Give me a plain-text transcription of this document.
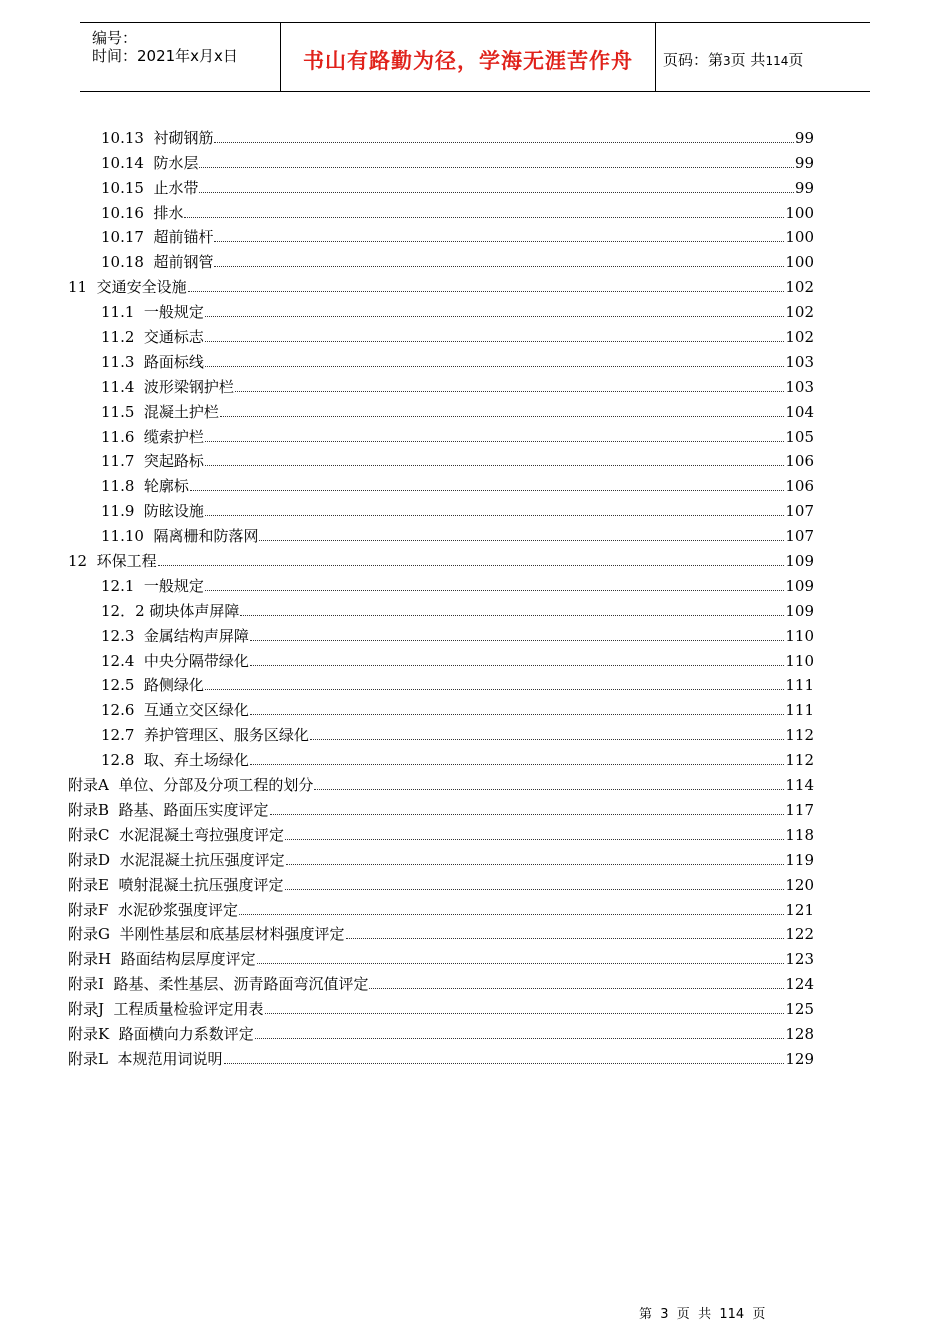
编号：
时间：2021年x月x日	书山有路勤为径，学海无涯苦作舟	页码：第3页 共114页
10.13  衬砌钢筋	99
10.14  防水层	99
10.15  止水带	99
10.16  排水	100
10.17  超前锚杆	100
10.18  超前钢管	100
11  交通安全设施	102
11.1  一般规定	102
11.2  交通标志	102
11.3  路面标线	103
11.4  波形梁钢护栏	103
11.5  混凝土护栏	104
11.6  缆索护栏	105
11.7  突起路标	106
11.8  轮廓标	106
11.9  防眩设施	107
11.10  隔离栅和防落网	107
12  环保工程	109
12.1  一般规定	109
12．2 砌块体声屏障	109
12.3  金属结构声屏障	110
12.4  中央分隔带绿化	110
12.5  路侧绿化	111
12.6  互通立交区绿化	111
12.7  养护管理区、服务区绿化	112
12.8  取、弃土场绿化	112
附录A  单位、分部及分项工程的划分	114
附录B  路基、路面压实度评定	117
附录C  水泥混凝土弯拉强度评定	118
附录D  水泥混凝土抗压强度评定	119
附录E  喷射混凝土抗压强度评定	120
附录F  水泥砂浆强度评定	121
附录G  半刚性基层和底基层材料强度评定	122
附录H  路面结构层厚度评定	123
附录I  路基、柔性基层、沥青路面弯沉值评定	124
附录J  工程质量检验评定用表	125
附录K  路面横向力系数评定	128
附录L  本规范用词说明	129
第  3  页  共  114  页
